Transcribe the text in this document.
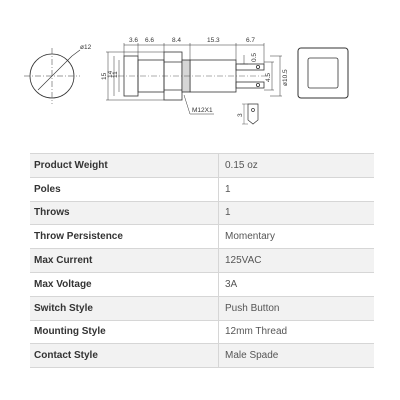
ø12
3.6 6.6	8.4	15.3	6.7
0.5
15 14
11	4.5 ø10.5
M12X1
3
Product Weight	0.15 oz
Poles	1
Throws	1
Throw Persistence	Momentary
Max Current	125VAC
Max Voltage	3A
Switch Style	Push Button
Mounting Style	12mm Thread
Contact Style	Male Spade
